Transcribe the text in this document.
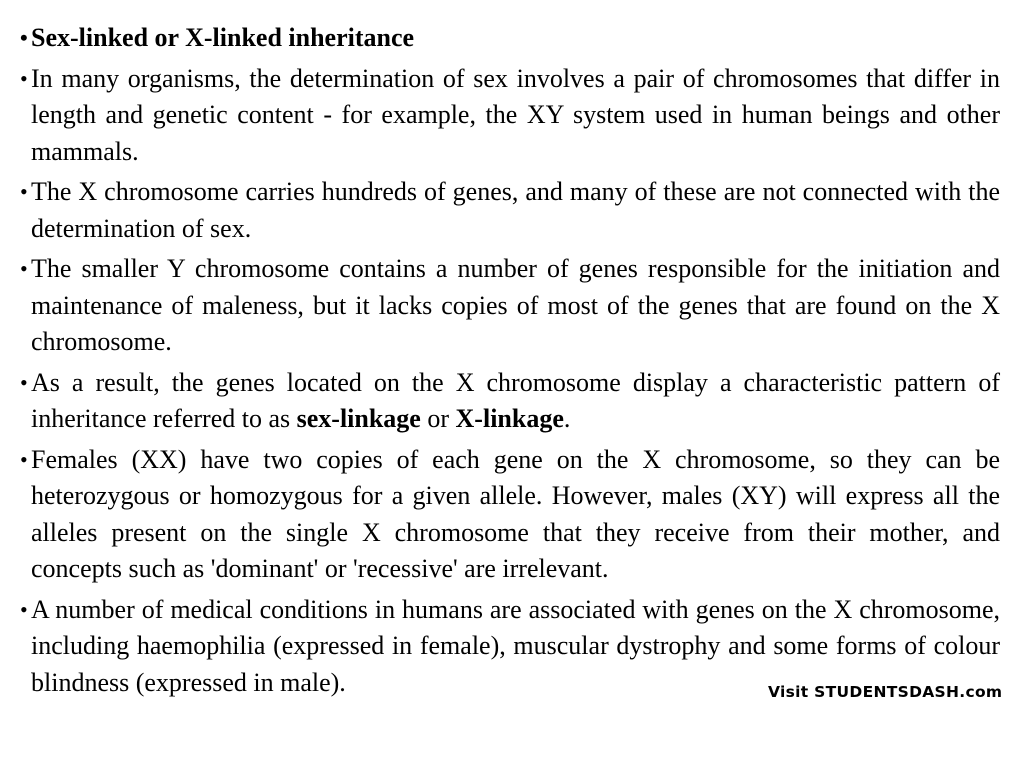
• Sex-linked or X-linked inheritance
• In many organisms, the determination of sex involves a pair of chromosomes that differ in length and genetic content - for example, the XY system used in human beings and other mammals.
• The X chromosome carries hundreds of genes, and many of these are not connected with the determination of sex.
• The smaller Y chromosome contains a number of genes responsible for the initiation and maintenance of maleness, but it lacks copies of most of the genes that are found on the X chromosome.
• As a result, the genes located on the X chromosome display a characteristic pattern of inheritance referred to as sex-linkage or X-linkage.
• Females (XX) have two copies of each gene on the X chromosome, so they can be heterozygous or homozygous for a given allele. However, males (XY) will express all the alleles present on the single X chromosome that they receive from their mother, and concepts such as 'dominant' or 'recessive' are irrelevant.
• A number of medical conditions in humans are associated with genes on the X chromosome, including haemophilia (expressed in female), muscular dystrophy and some forms of colour blindness (expressed in male).	Visit STUDENTSDASH.com
